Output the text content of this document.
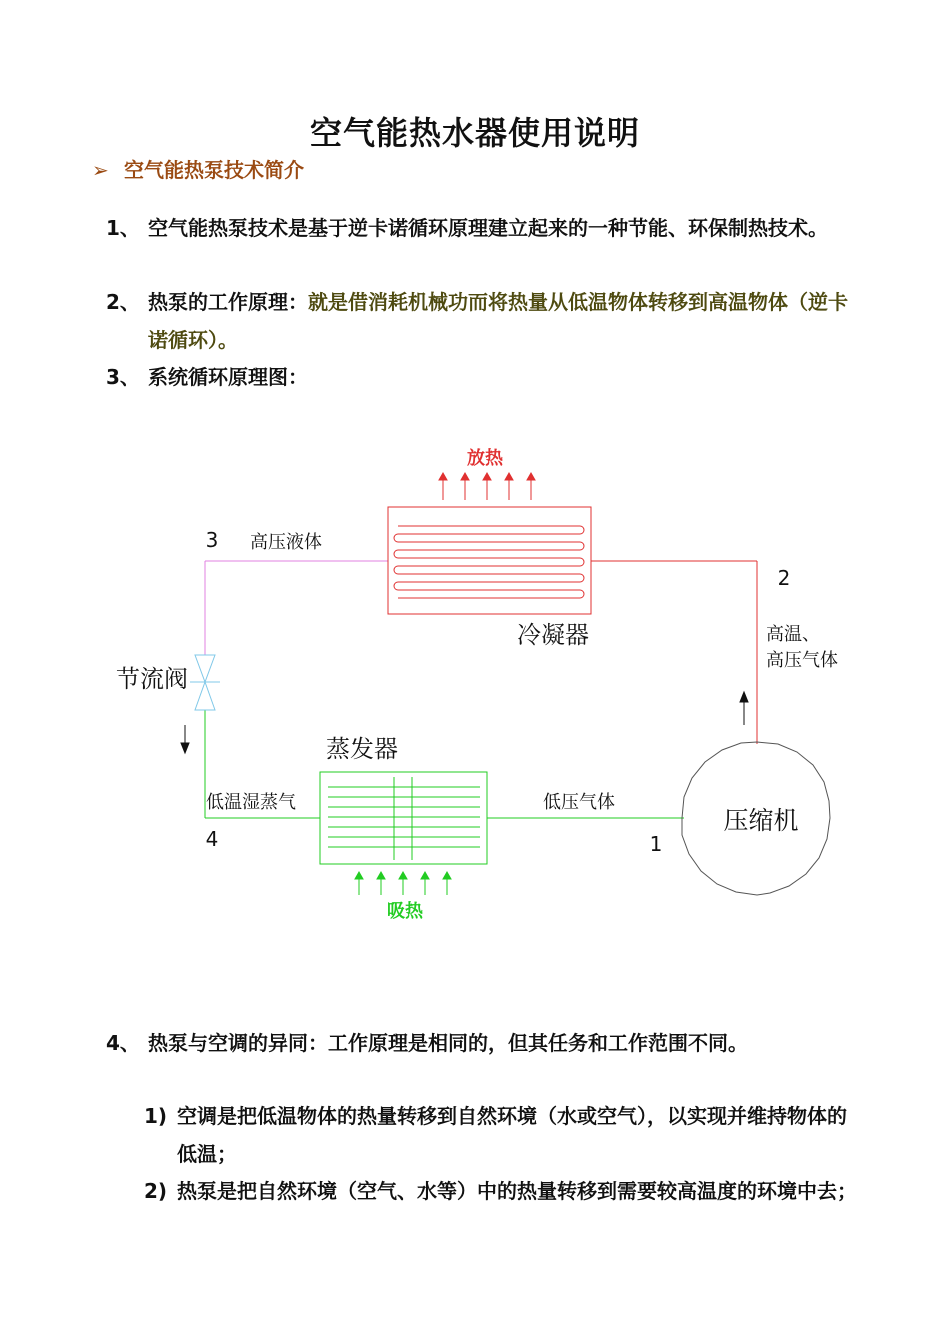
空气能热水器使用说明
➢ 空气能热泵技术简介
1、 空气能热泵技术是基于逆卡诺循环原理建立起来的一种节能、环保制热技术。
2、 热泵的工作原理：就是借消耗机械功而将热量从低温物体转移到高温物体（逆卡诺循环）。
3、 系统循环原理图：
放热
吸热
冷凝器
蒸发器
压缩机
节流阀
高压液体
高温、
高压气体
低温湿蒸气	低压气体
3
2
4	1
4、 热泵与空调的异同：工作原理是相同的，但其任务和工作范围不同。
1) 空调是把低温物体的热量转移到自然环境（水或空气），以实现并维持物体的低温；
2) 热泵是把自然环境（空气、水等）中的热量转移到需要较高温度的环境中去；
